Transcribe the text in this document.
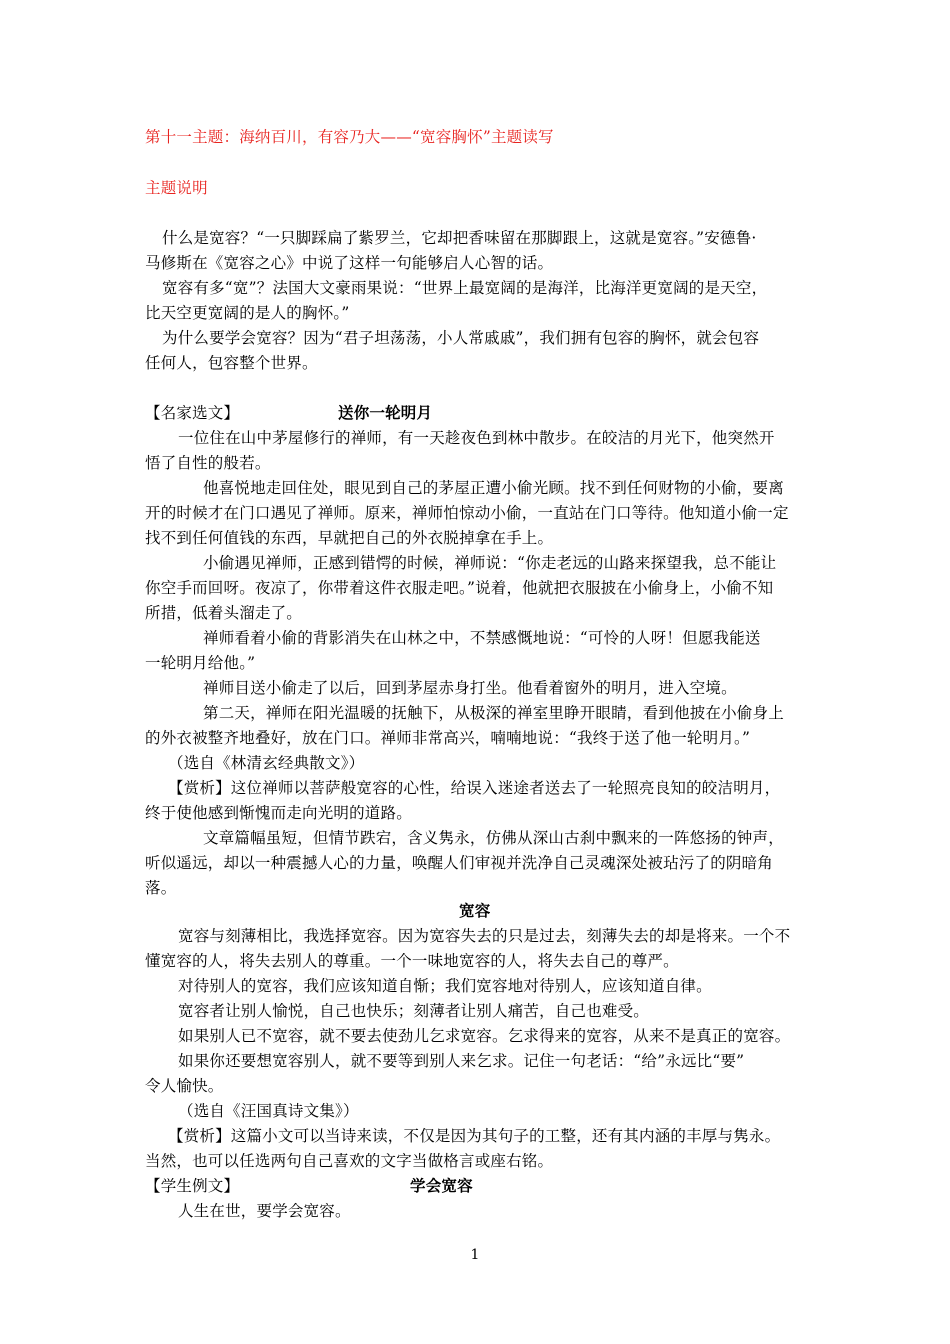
第十一主题：海纳百川，有容乃大——“宽容胸怀”主题读写
主题说明
什么是宽容？“一只脚踩扁了紫罗兰，它却把香味留在那脚跟上，这就是宽容。”安德鲁·
马修斯在《宽容之心》中说了这样一句能够启人心智的话。
宽容有多“宽”？法国大文豪雨果说：“世界上最宽阔的是海洋，比海洋更宽阔的是天空，
比天空更宽阔的是人的胸怀。”
为什么要学会宽容？因为“君子坦荡荡，小人常戚戚”，我们拥有包容的胸怀，就会包容
任何人，包容整个世界。
【名家选文】	送你一轮明月
一位住在山中茅屋修行的禅师，有一天趁夜色到林中散步。在皎洁的月光下，他突然开
悟了自性的般若。
他喜悦地走回住处，眼见到自己的茅屋正遭小偷光顾。找不到任何财物的小偷，要离
开的时候才在门口遇见了禅师。原来，禅师怕惊动小偷，一直站在门口等待。他知道小偷一定
找不到任何值钱的东西，早就把自己的外衣脱掉拿在手上。
小偷遇见禅师，正感到错愕的时候，禅师说：“你走老远的山路来探望我，总不能让
你空手而回呀。夜凉了，你带着这件衣服走吧。”说着，他就把衣服披在小偷身上，小偷不知
所措，低着头溜走了。
禅师看着小偷的背影消失在山林之中，不禁感慨地说：“可怜的人呀！但愿我能送
一轮明月给他。”
禅师目送小偷走了以后，回到茅屋赤身打坐。他看着窗外的明月，进入空境。
第二天，禅师在阳光温暖的抚触下，从极深的禅室里睁开眼睛，看到他披在小偷身上
的外衣被整齐地叠好，放在门口。禅师非常高兴，喃喃地说：“我终于送了他一轮明月。”
（选自《林清玄经典散文》）
【赏析】这位禅师以菩萨般宽容的心性，给误入迷途者送去了一轮照亮良知的皎洁明月，
终于使他感到惭愧而走向光明的道路。
文章篇幅虽短，但情节跌宕，含义隽永，仿佛从深山古刹中飘来的一阵悠扬的钟声，
听似遥远，却以一种震撼人心的力量，唤醒人们审视并洗净自己灵魂深处被玷污了的阴暗角
落。
宽容
宽容与刻薄相比，我选择宽容。因为宽容失去的只是过去，刻薄失去的却是将来。一个不
懂宽容的人，将失去别人的尊重。一个一味地宽容的人，将失去自己的尊严。
对待别人的宽容，我们应该知道自惭；我们宽容地对待别人，应该知道自律。
宽容者让别人愉悦，自己也快乐；刻薄者让别人痛苦，自己也难受。
如果别人已不宽容，就不要去使劲儿乞求宽容。乞求得来的宽容，从来不是真正的宽容。
如果你还要想宽容别人，就不要等到别人来乞求。记住一句老话：“给”永远比“要”
令人愉快。
（选自《汪国真诗文集》）
【赏析】这篇小文可以当诗来读，不仅是因为其句子的工整，还有其内涵的丰厚与隽永。
当然，也可以任选两句自己喜欢的文字当做格言或座右铭。
【学生例文】	学会宽容
人生在世，要学会宽容。
1
